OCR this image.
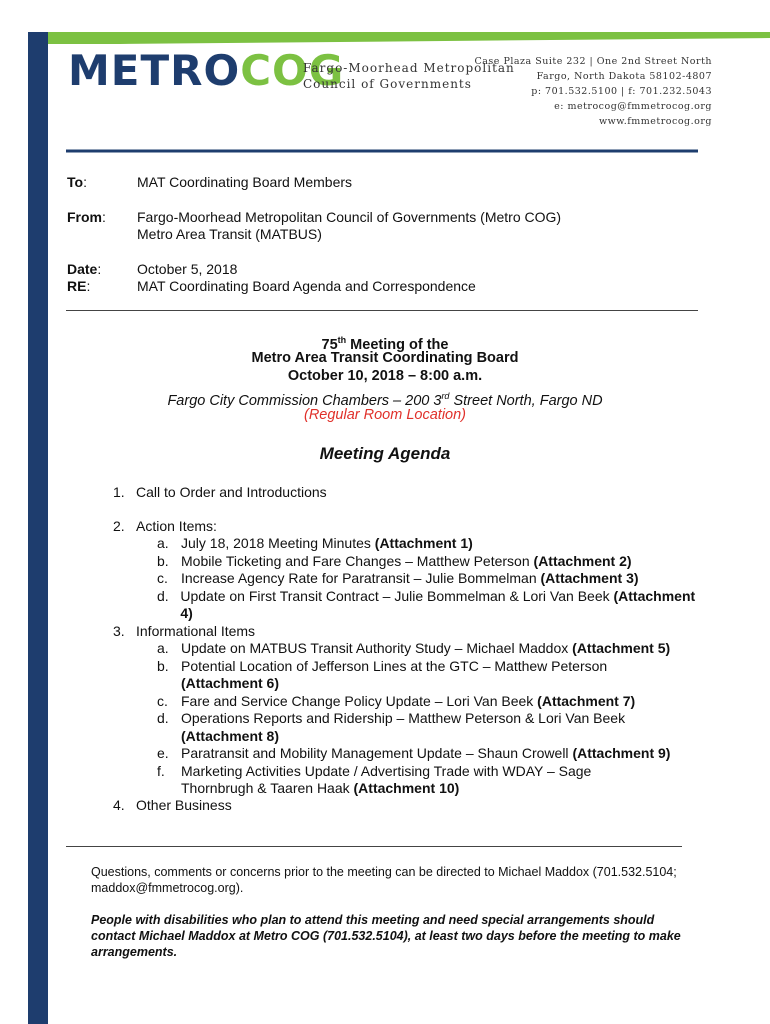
METROCOG
Fargo-Moorhead Metropolitan
Council of Governments
Case Plaza Suite 232 | One 2nd Street North
Fargo, North Dakota 58102-4807
p: 701.532.5100 | f: 701.232.5043
e: metrocog@fmmetrocog.org
www.fmmetrocog.org
To:	MAT Coordinating Board Members
From: Fargo-Moorhead Metropolitan Council of Governments (Metro COG)
Metro Area Transit (MATBUS)
Date:	October 5, 2018
RE:	MAT Coordinating Board Agenda and Correspondence
75th Meeting of the
Metro Area Transit Coordinating Board
October 10, 2018 – 8:00 a.m.
Fargo City Commission Chambers – 200 3rd Street North, Fargo ND
(Regular Room Location)
Meeting Agenda
1. Call to Order and Introductions
2. Action Items:
a. July 18, 2018 Meeting Minutes (Attachment 1)
b. Mobile Ticketing and Fare Changes – Matthew Peterson (Attachment 2)
c. Increase Agency Rate for Paratransit – Julie Bommelman (Attachment 3)
d. Update on First Transit Contract – Julie Bommelman & Lori Van Beek (Attachment 4)
3. Informational Items
a. Update on MATBUS Transit Authority Study – Michael Maddox (Attachment 5)
b. Potential Location of Jefferson Lines at the GTC – Matthew Peterson (Attachment 6)
c. Fare and Service Change Policy Update – Lori Van Beek (Attachment 7)
d. Operations Reports and Ridership – Matthew Peterson & Lori Van Beek (Attachment 8)
e. Paratransit and Mobility Management Update – Shaun Crowell (Attachment 9)
f.	Marketing Activities Update / Advertising Trade with WDAY – Sage Thornbrugh & Taaren Haak (Attachment 10)
4. Other Business
Questions, comments or concerns prior to the meeting can be directed to Michael Maddox (701.532.5104; maddox@fmmetrocog.org).
People with disabilities who plan to attend this meeting and need special arrangements should contact Michael Maddox at Metro COG (701.532.5104), at least two days before the meeting to make arrangements.
